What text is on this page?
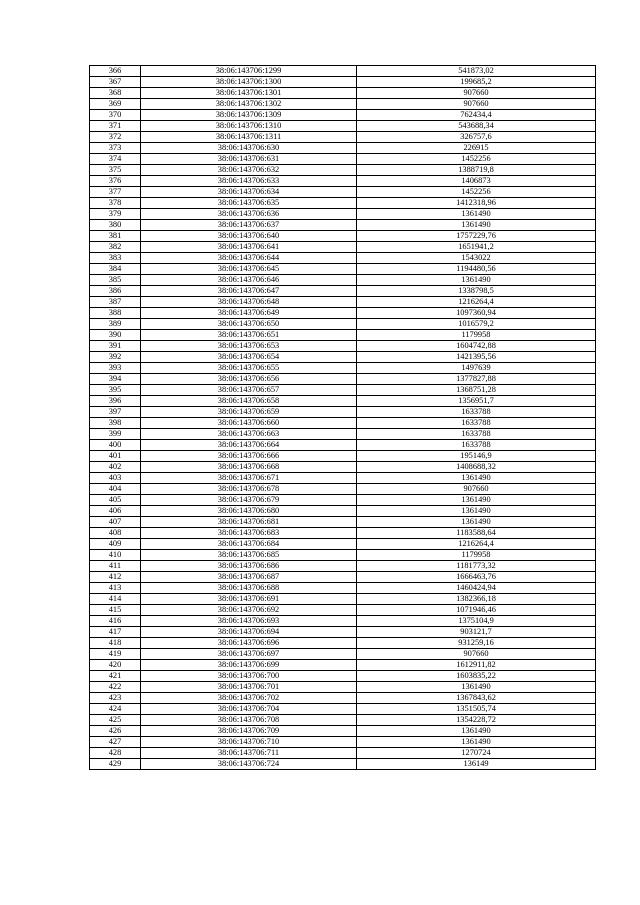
366	38:06:143706:1299	541873,02
367	38:06:143706:1300	199685,2
368	38:06:143706:1301	907660
369	38:06:143706:1302	907660
370	38:06:143706:1309	762434,4
371	38:06:143706:1310	543688,34
372	38:06:143706:1311	326757,6
373	38:06:143706:630	226915
374	38:06:143706:631	1452256
375	38:06:143706:632	1388719,8
376	38:06:143706:633	1406873
377	38:06:143706:634	1452256
378	38:06:143706:635	1412318,96
379	38:06:143706:636	1361490
380	38:06:143706:637	1361490
381	38:06:143706:640	1757229,76
382	38:06:143706:641	1651941,2
383	38:06:143706:644	1543022
384	38:06:143706:645	1194480,56
385	38:06:143706:646	1361490
386	38:06:143706:647	1338798,5
387	38:06:143706:648	1216264,4
388	38:06:143706:649	1097360,94
389	38:06:143706:650	1016579,2
390	38:06:143706:651	1179958
391	38:06:143706:653	1604742,88
392	38:06:143706:654	1421395,56
393	38:06:143706:655	1497639
394	38:06:143706:656	1377827,88
395	38:06:143706:657	1368751,28
396	38:06:143706:658	1356951,7
397	38:06:143706:659	1633788
398	38:06:143706:660	1633788
399	38:06:143706:663	1633788
400	38:06:143706:664	1633788
401	38:06:143706:666	195146,9
402	38:06:143706:668	1408688,32
403	38:06:143706:671	1361490
404	38:06:143706:678	907660
405	38:06:143706:679	1361490
406	38:06:143706:680	1361490
407	38:06:143706:681	1361490
408	38:06:143706:683	1183588,64
409	38:06:143706:684	1216264,4
410	38:06:143706:685	1179958
411	38:06:143706:686	1181773,32
412	38:06:143706:687	1666463,76
413	38:06:143706:688	1460424,94
414	38:06:143706:691	1382366,18
415	38:06:143706:692	1071946,46
416	38:06:143706:693	1375104,9
417	38:06:143706:694	903121,7
418	38:06:143706:696	931259,16
419	38:06:143706:697	907660
420	38:06:143706:699	1612911,82
421	38:06:143706:700	1603835,22
422	38:06:143706:701	1361490
423	38:06:143706:702	1367843,62
424	38:06:143706:704	1351505,74
425	38:06:143706:708	1354228,72
426	38:06:143706:709	1361490
427	38:06:143706:710	1361490
428	38:06:143706:711	1270724
429	38:06:143706:724	136149
